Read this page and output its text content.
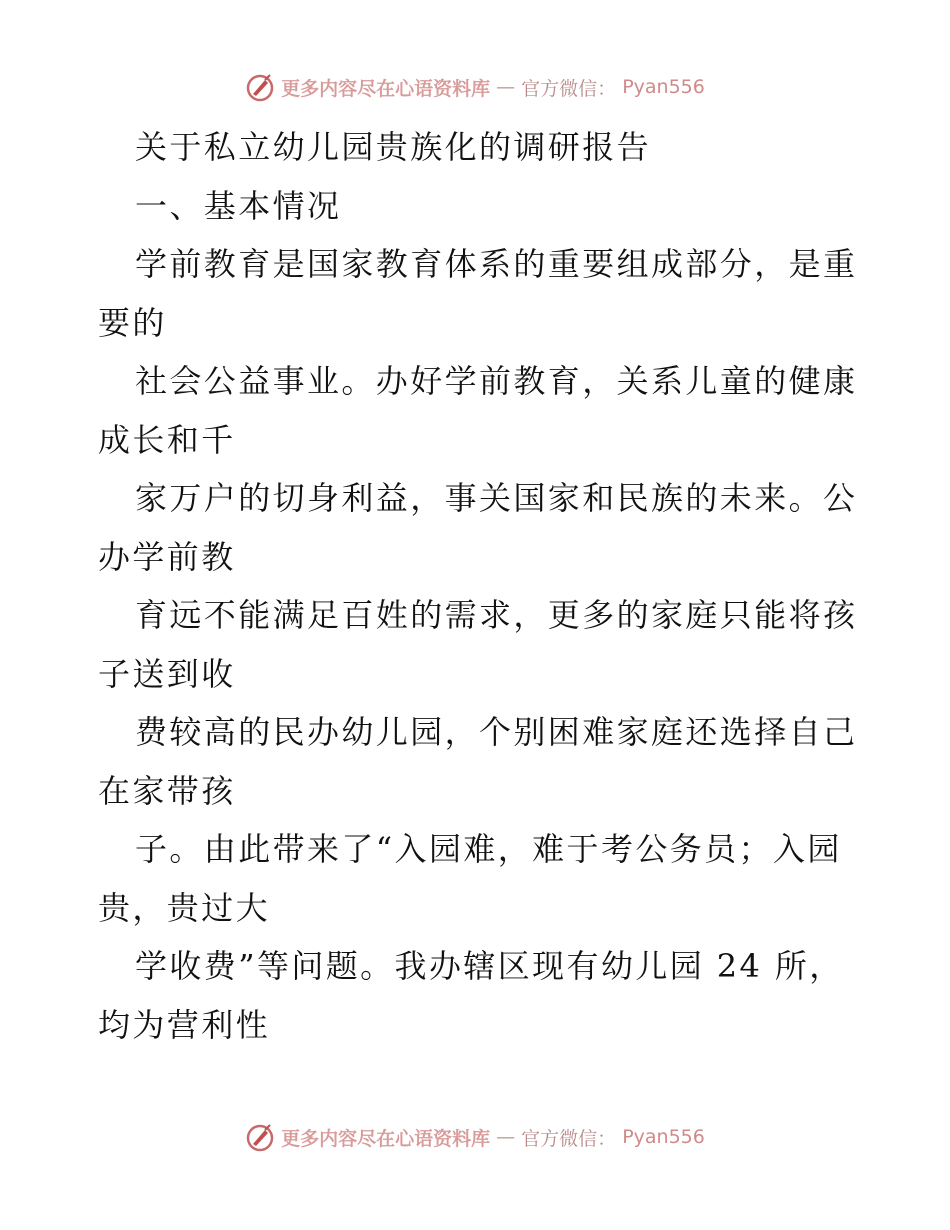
更多内容尽在心语资料库 — 官方微信： Pyan556
关于私立幼儿园贵族化的调研报告
一、基本情况
学前教育是国家教育体系的重要组成部分，是重
要的
社会公益事业。办好学前教育，关系儿童的健康
成长和千
家万户的切身利益，事关国家和民族的未来。公
办学前教
育远不能满足百姓的需求，更多的家庭只能将孩
子送到收
费较高的民办幼儿园，个别困难家庭还选择自己
在家带孩
子。由此带来了“入园难，难于考公务员；入园
贵，贵过大
学收费”等问题。我办辖区现有幼儿园 24 所，
均为营利性
更多内容尽在心语资料库 — 官方微信： Pyan556
